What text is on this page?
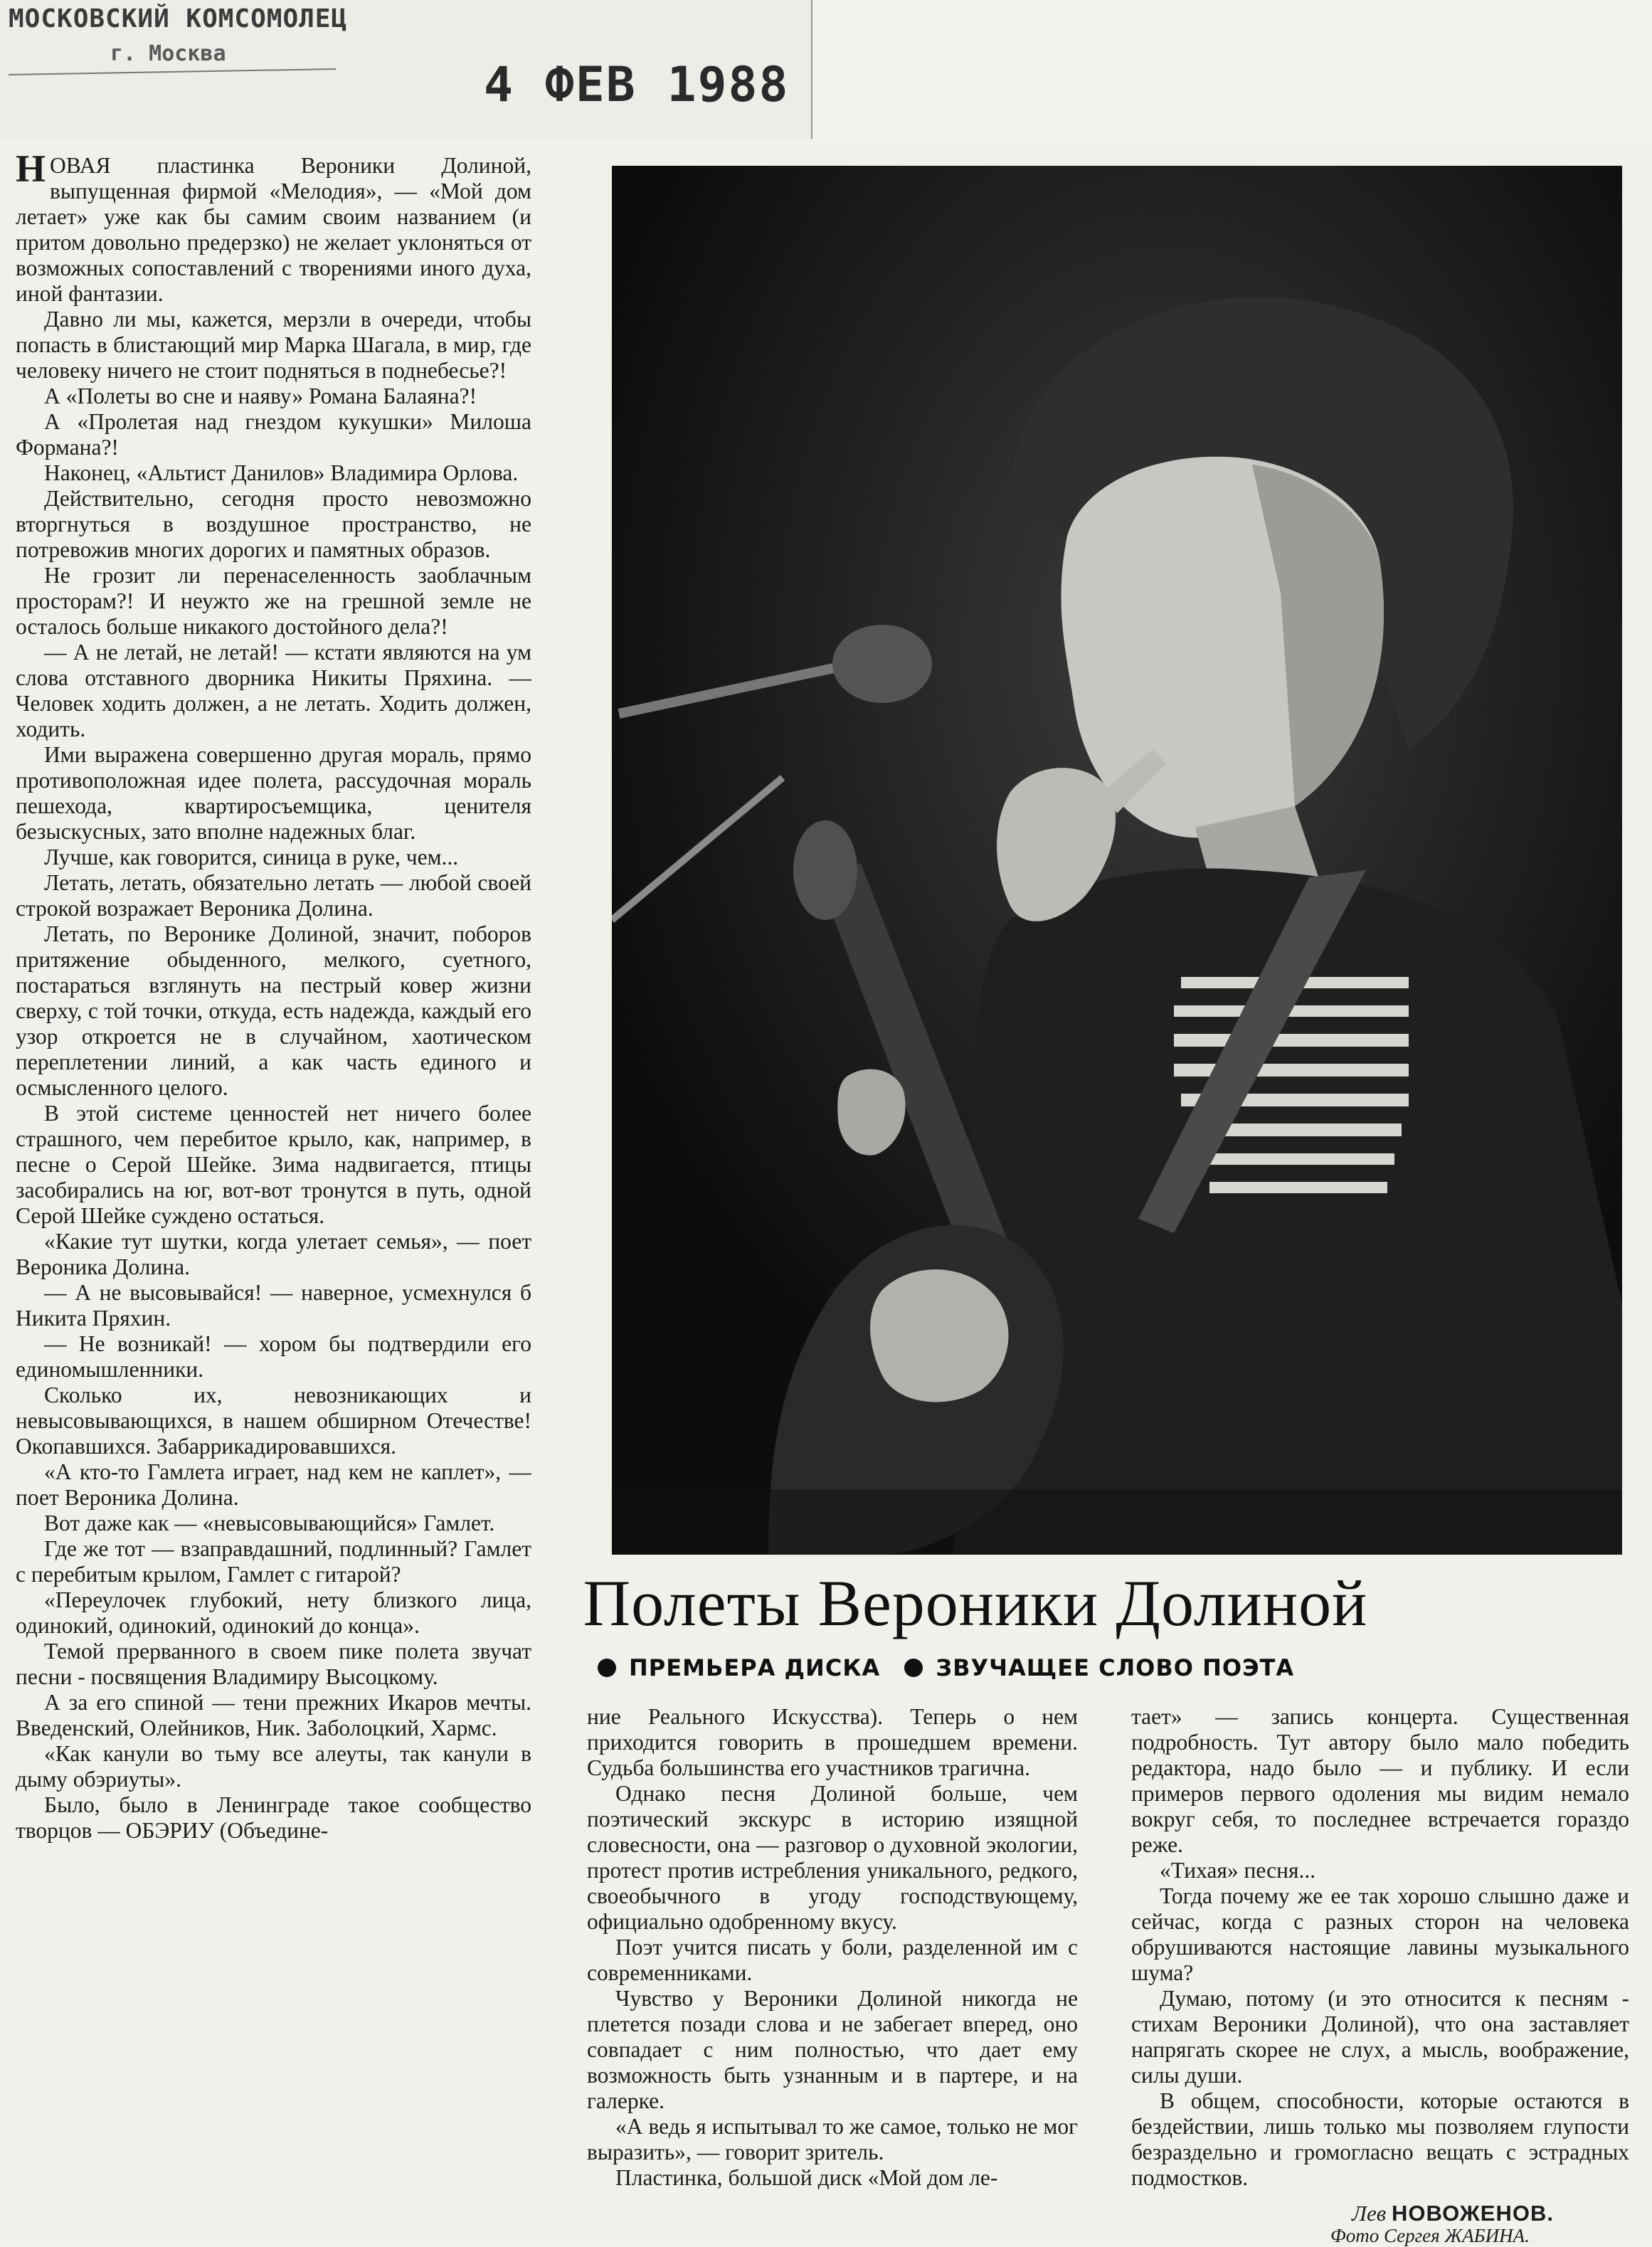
МОСКОВСКИЙ КОМСОМОЛЕЦ
г. Москва
4 ФЕВ 1988

НОВАЯ пластинка Вероники Долиной, выпущенная фирмой «Мелодия», — «Мой дом летает» уже как бы самим своим названием (и притом довольно предерзко) не желает уклоняться от возможных сопоставлений с творениями иного духа, иной фантазии.

Давно ли мы, кажется, мерзли в очереди, чтобы попасть в блистающий мир Марка Шагала, в мир, где человеку ничего не стоит подняться в поднебесье?!

А «Полеты во сне и наяву» Романа Балаяна?!

А «Пролетая над гнездом кукушки» Милоша Формана?!

Наконец, «Альтист Данилов» Владимира Орлова.

Действительно, сегодня просто невозможно вторгнуться в воздушное пространство, не потревожив многих дорогих и памятных образов.

Не грозит ли перенаселенность заоблачным просторам?! И неужто же на грешной земле не осталось больше никакого достойного дела?!

— А не летай, не летай! — кстати являются на ум слова отставного дворника Никиты Пряхина. — Человек ходить должен, а не летать. Ходить должен, ходить.

Ими выражена совершенно другая мораль, прямо противоположная идее полета, рассудочная мораль пешехода, квартиросъемщика, ценителя безыскусных, зато вполне надежных благ.

Лучше, как говорится, синица в руке, чем...

Летать, летать, обязательно летать — любой своей строкой возражает Вероника Долина.

Летать, по Веронике Долиной, значит, поборов притяжение обыденного, мелкого, суетного, постараться взглянуть на пестрый ковер жизни сверху, с той точки, откуда, есть надежда, каждый его узор откроется не в случайном, хаотическом переплетении линий, а как часть единого и осмысленного целого.

В этой системе ценностей нет ничего более страшного, чем перебитое крыло, как, например, в песне о Серой Шейке. Зима надвигается, птицы засобирались на юг, вот-вот тронутся в путь, одной Серой Шейке суждено остаться.

«Какие тут шутки, когда улетает семья», — поет Вероника Долина.

— А не высовывайся! — наверное, усмехнулся б Никита Пряхин.

— Не возникай! — хором бы подтвердили его единомышленники.

Сколько их, невозникающих и невысовывающихся, в нашем обширном Отечестве! Окопавшихся. Забаррикадировавшихся.

«А кто-то Гамлета играет, над кем не каплет», — поет Вероника Долина.

Вот даже как — «невысовывающийся» Гамлет.

Где же тот — взаправдашний, подлинный? Гамлет с перебитым крылом, Гамлет с гитарой?

«Переулочек глубокий, нету близкого лица, одинокий, одинокий, одинокий до конца».

Темой прерванного в своем пике полета звучат песни - посвящения Владимиру Высоцкому.

А за его спиной — тени прежних Икаров мечты. Введенский, Олейников, Ник. Заболоцкий, Хармс.

«Как канули во тьму все алеуты, так канули в дыму обэриуты».

Было, было в Ленинграде такое сообщество творцов — ОБЭРИУ (Объедине-

Полеты Вероники Долиной
ПРЕМЬЕРА ДИСКА ЗВУЧАЩЕЕ СЛОВО ПОЭТА

ние Реального Искусства). Теперь о нем приходится говорить в прошедшем времени. Судьба большинства его участников трагична.

Однако песня Долиной больше, чем поэтический экскурс в историю изящной словесности, она — разговор о духовной экологии, протест против истребления уникального, редкого, своеобычного в угоду господствующему, официально одобренному вкусу.

Поэт учится писать у боли, разделенной им с современниками.

Чувство у Вероники Долиной никогда не плетется позади слова и не забегает вперед, оно совпадает с ним полностью, что дает ему возможность быть узнанным и в партере, и на галерке.

«А ведь я испытывал то же самое, только не мог выразить», — говорит зритель.

Пластинка, большой диск «Мой дом ле-

тает» — запись концерта. Существенная подробность. Тут автору было мало победить редактора, надо было — и публику. И если примеров первого одоления мы видим немало вокруг себя, то последнее встречается гораздо реже.

«Тихая» песня...

Тогда почему же ее так хорошо слышно даже и сейчас, когда с разных сторон на человека обрушиваются настоящие лавины музыкального шума?

Думаю, потому (и это относится к песням - стихам Вероники Долиной), что она заставляет напрягать скорее не слух, а мысль, воображение, силы души.

В общем, способности, которые остаются в бездействии, лишь только мы позволяем глупости безраздельно и громогласно вещать с эстрадных подмостков.

Лев НОВОЖЕНОВ.
Фото Сергея ЖАБИНА.
